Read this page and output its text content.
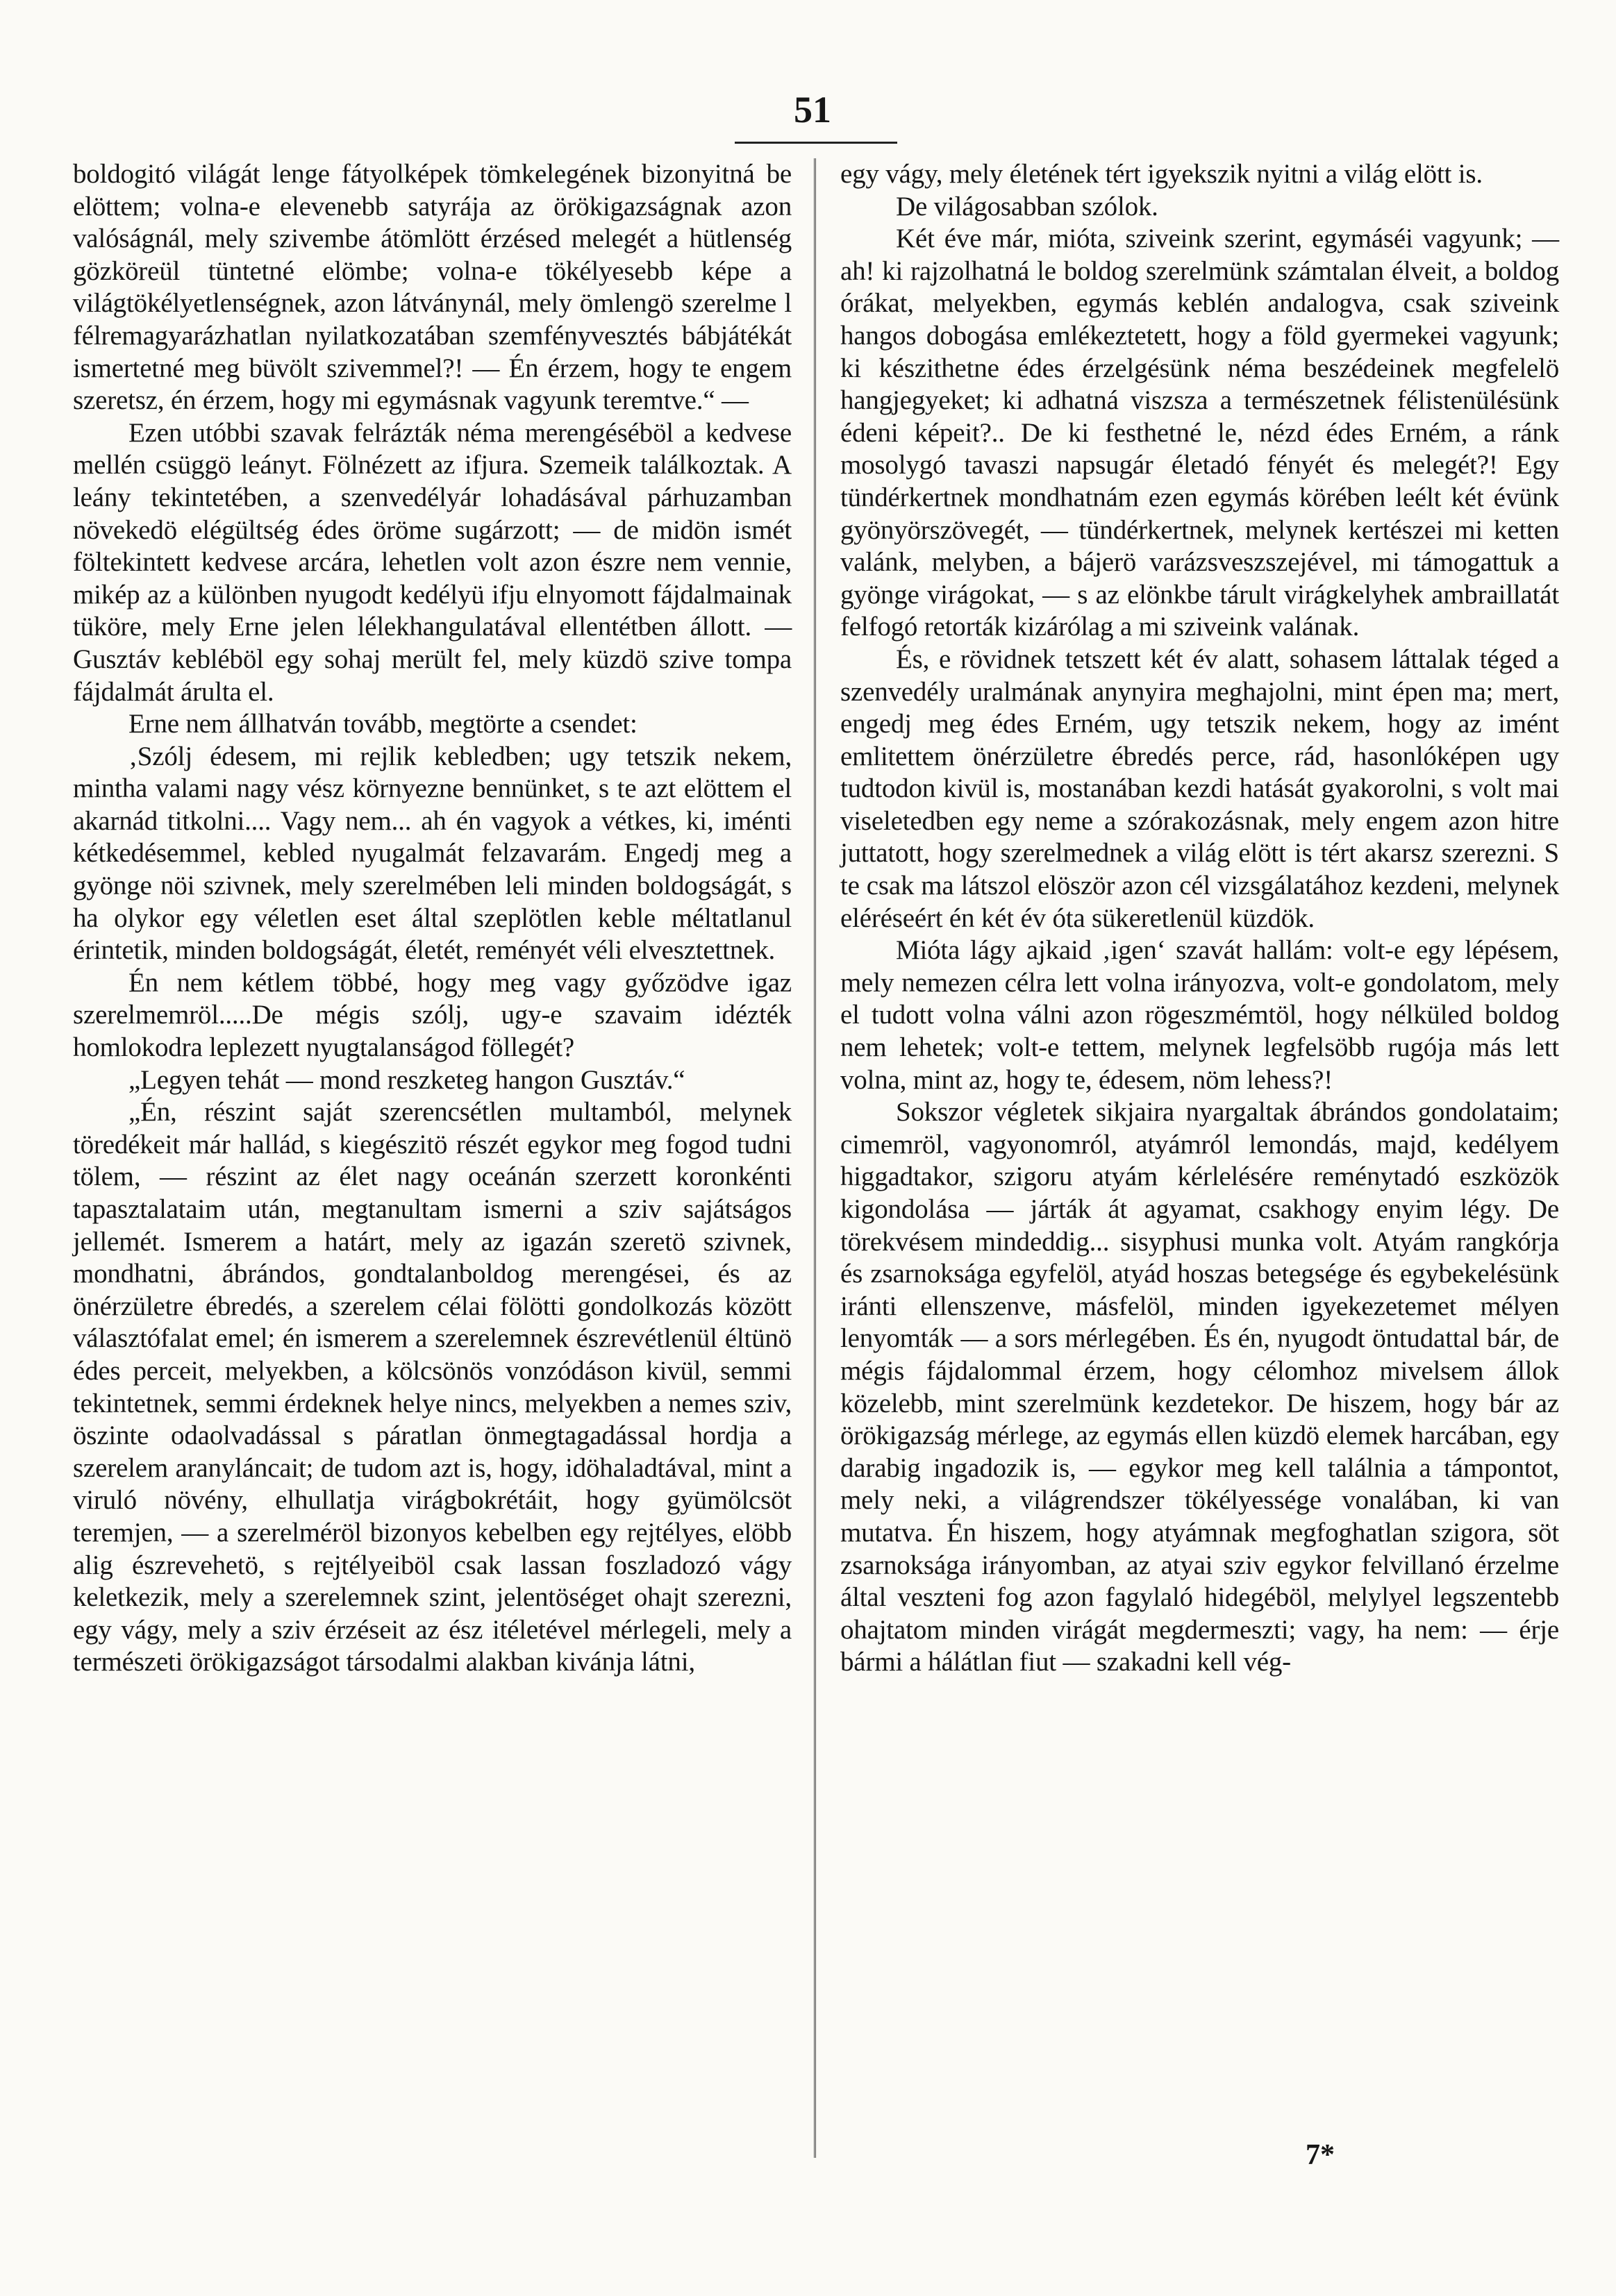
51

boldogitó világát lenge fátyolképek tömkelegének bizonyitná be elöttem; volna-e elevenebb satyrája az örökigazságnak azon valóságnál, mely szivembe átömlött érzésed melegét a hütlenség gözköreül tüntetné elömbe; volna-e tökélyesebb képe a világtökélyetlenségnek, azon látványnál, mely ömlengö szerelme l félremagyarázhatlan nyilatkozatában szemfényvesztés bábjátékát ismertetné meg büvölt szivemmel?! — Én érzem, hogy te engem szeretsz, én érzem, hogy mi egymásnak vagyunk teremtve.“ —

Ezen utóbbi szavak felrázták néma merengéséböl a kedvese mellén csüggö leányt. Fölnézett az ifjura. Szemeik találkoztak. A leány tekintetében, a szenvedélyár lohadásával párhuzamban növekedö elégültség édes öröme sugárzott; — de midön ismét föltekintett kedvese arcára, lehetlen volt azon észre nem vennie, mikép az a különben nyugodt kedélyü ifju elnyomott fájdalmainak tüköre, mely Erne jelen lélekhangulatával ellentétben állott. — Gusztáv kebléböl egy sohaj merült fel, mely küzdö szive tompa fájdalmát árulta el.

Erne nem állhatván tovább, megtörte a csendet:

‚Szólj édesem, mi rejlik kebledben; ugy tetszik nekem, mintha valami nagy vész környezne bennünket, s te azt elöttem el akarnád titkolni.... Vagy nem... ah én vagyok a vétkes, ki, iménti kétkedésemmel, kebled nyugalmát felzavarám. Engedj meg a gyönge nöi szivnek, mely szerelmében leli minden boldogságát, s ha olykor egy véletlen eset által szeplötlen keble méltatlanul érintetik, minden boldogságát, életét, reményét véli elvesztettnek.

Én nem kétlem többé, hogy meg vagy győzödve igaz szerelmemröl.....De mégis szólj, ugy-e szavaim idézték homlokodra leplezett nyugtalanságod föllegét?

„Legyen tehát — mond reszketeg hangon Gusztáv.“

„Én, részint saját szerencsétlen multamból, melynek töredékeit már hallád, s kiegészitö részét egykor meg fogod tudni tölem, — részint az élet nagy oceánán szerzett koronkénti tapasztalataim után, megtanultam ismerni a sziv sajátságos jellemét. Ismerem a határt, mely az igazán szeretö szivnek, mondhatni, ábrándos, gondtalanboldog merengései, és az önérzületre ébredés, a szerelem célai fölötti gondolkozás között választófalat emel; én ismerem a szerelemnek észrevétlenül éltünö édes perceit, melyekben, a kölcsönös vonzódáson kivül, semmi tekintetnek, semmi érdeknek helye nincs, melyekben a nemes sziv, öszinte odaolvadással s páratlan önmegtagadással hordja a szerelem aranyláncait; de tudom azt is, hogy, idöhaladtával, mint a viruló növény, elhullatja virágbokrétáit, hogy gyümölcsöt teremjen, — a szerelméröl bizonyos kebelben egy rejtélyes, elöbb alig észrevehetö, s rejtélyeiböl csak lassan foszladozó vágy keletkezik, mely a szerelemnek szint, jelentöséget ohajt szerezni, egy vágy, mely a sziv érzéseit az ész itéletével mérlegeli, mely a természeti örökigazságot társodalmi alakban kivánja látni,

egy vágy, mely életének tért igyekszik nyitni a világ elött is.

De világosabban szólok.

Két éve már, mióta, sziveink szerint, egymáséi vagyunk; — ah! ki rajzolhatná le boldog szerelmünk számtalan élveit, a boldog órákat, melyekben, egymás keblén andalogva, csak sziveink hangos dobogása emlékeztetett, hogy a föld gyermekei vagyunk; ki készithetne édes érzelgésünk néma beszédeinek megfelelö hangjegyeket; ki adhatná viszsza a természetnek félistenülésünk édeni képeit?.. De ki festhetné le, nézd édes Erném, a ránk mosolygó tavaszi napsugár életadó fényét és melegét?! Egy tündérkertnek mondhatnám ezen egymás körében leélt két évünk gyönyörszövegét, — tündérkertnek, melynek kertészei mi ketten valánk, melyben, a bájerö varázsveszszejével, mi támogattuk a gyönge virágokat, — s az elönkbe tárult virágkelyhek ambraillatát felfogó retorták kizárólag a mi sziveink valának.

És, e rövidnek tetszett két év alatt, sohasem láttalak téged a szenvedély uralmának anynyira meghajolni, mint épen ma; mert, engedj meg édes Erném, ugy tetszik nekem, hogy az imént emlitettem önérzületre ébredés perce, rád, hasonlóképen ugy tudtodon kivül is, mostanában kezdi hatását gyakorolni, s volt mai viseletedben egy neme a szórakozásnak, mely engem azon hitre juttatott, hogy szerelmednek a világ elött is tért akarsz szerezni. S te csak ma látszol elöször azon cél vizsgálatához kezdeni, melynek eléréseért én két év óta sükeretlenül küzdök.

Mióta lágy ajkaid ‚igen‘ szavát hallám: volt-e egy lépésem, mely nemezen célra lett volna irányozva, volt-e gondolatom, mely el tudott volna válni azon rögeszmémtöl, hogy nélküled boldog nem lehetek; volt-e tettem, melynek legfelsöbb rugója más lett volna, mint az, hogy te, édesem, nöm lehess?!

Sokszor végletek sikjaira nyargaltak ábrándos gondolataim; cimemröl, vagyonomról, atyámról lemondás, majd, kedélyem higgadtakor, szigoru atyám kérlelésére reménytadó eszközök kigondolása — járták át agyamat, csakhogy enyim légy. De törekvésem mindeddig... sisyphusi munka volt. Atyám rangkórja és zsarnoksága egyfelöl, atyád hoszas betegsége és egybekelésünk iránti ellenszenve, másfelöl, minden igyekezetemet mélyen lenyomták — a sors mérlegében. És én, nyugodt öntudattal bár, de mégis fájdalommal érzem, hogy célomhoz mivelsem állok közelebb, mint szerelmünk kezdetekor. De hiszem, hogy bár az örökigazság mérlege, az egymás ellen küzdö elemek harcában, egy darabig ingadozik is, — egykor meg kell találnia a támpontot, mely neki, a világrendszer tökélyessége vonalában, ki van mutatva. Én hiszem, hogy atyámnak megfoghatlan szigora, söt zsarnoksága irányomban, az atyai sziv egykor felvillanó érzelme által veszteni fog azon fagylaló hidegéböl, melylyel legszentebb ohajtatom minden virágát megdermeszti; vagy, ha nem: — érje bármi a hálátlan fiut — szakadni kell vég-

7*
